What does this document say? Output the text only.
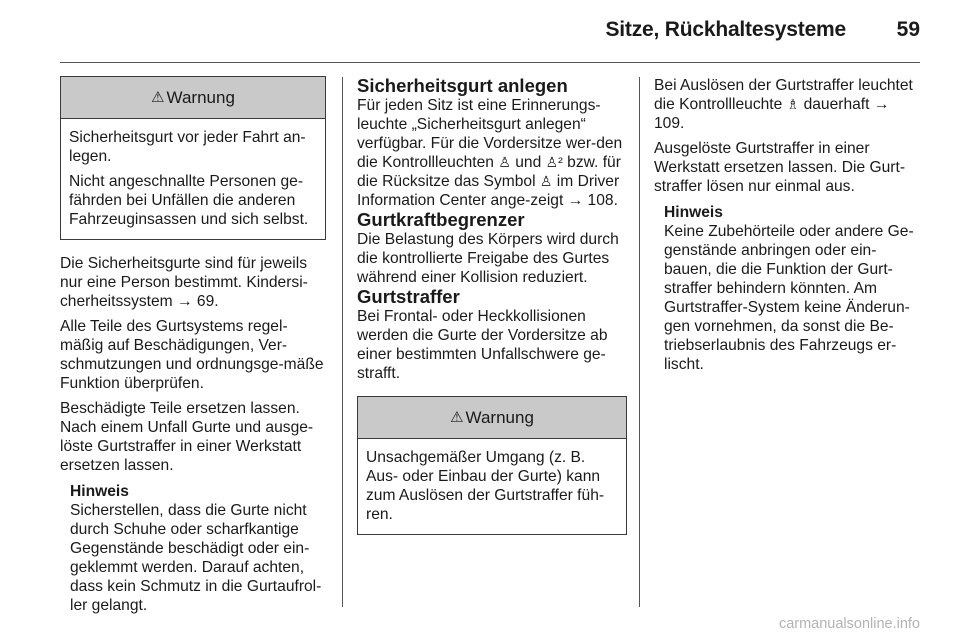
Sitze, Rückhaltesysteme	59
⚠ Warnung

Sicherheitsgurt vor jeder Fahrt an-legen.

Nicht angeschnallte Personen ge-fährden bei Unfällen die anderen Fahrzeuginsassen und sich selbst.

Die Sicherheitsgurte sind für jeweils nur eine Person bestimmt. Kindersi-cherheitssystem → 69.

Alle Teile des Gurtsystems regel-mäßig auf Beschädigungen, Ver-schmutzungen und ordnungsge-mäße Funktion überprüfen.

Beschädigte Teile ersetzen lassen. Nach einem Unfall Gurte und ausge-löste Gurtstraffer in einer Werkstatt ersetzen lassen.

Hinweis
Sicherstellen, dass die Gurte nicht durch Schuhe oder scharfkantige Gegenstände beschädigt oder ein-geklemmt werden. Darauf achten, dass kein Schmutz in die Gurtaufrol-ler gelangt.
Sicherheitsgurt anlegen

Für jeden Sitz ist eine Erinnerungs-leuchte „Sicherheitsgurt anlegen“ verfügbar. Für die Vordersitze wer-den die Kontrollleuchten ♙ und ♙² bzw. für die Rücksitze das Symbol ♙ im Driver Information Center ange-zeigt → 108.

Gurtkraftbegrenzer

Die Belastung des Körpers wird durch die kontrollierte Freigabe des Gurtes während einer Kollision reduziert.

Gurtstraffer

Bei Frontal- oder Heckkollisionen werden die Gurte der Vordersitze ab einer bestimmten Unfallschwere ge-strafft.

⚠ Warnung

Unsachgemäßer Umgang (z. B. Aus- oder Einbau der Gurte) kann zum Auslösen der Gurtstraffer füh-ren.

Bei Auslösen der Gurtstraffer leuchtet die Kontrollleuchte ♗ dauerhaft → 109.

Ausgelöste Gurtstraffer in einer Werkstatt ersetzen lassen. Die Gurt-straffer lösen nur einmal aus.

Hinweis
Keine Zubehörteile oder andere Ge-genstände anbringen oder ein-bauen, die die Funktion der Gurt-straffer behindern könnten. Am Gurtstraffer-System keine Änderun-gen vornehmen, da sonst die Be-triebserlaubnis des Fahrzeugs er-lischt.
carmanualsonline.info
